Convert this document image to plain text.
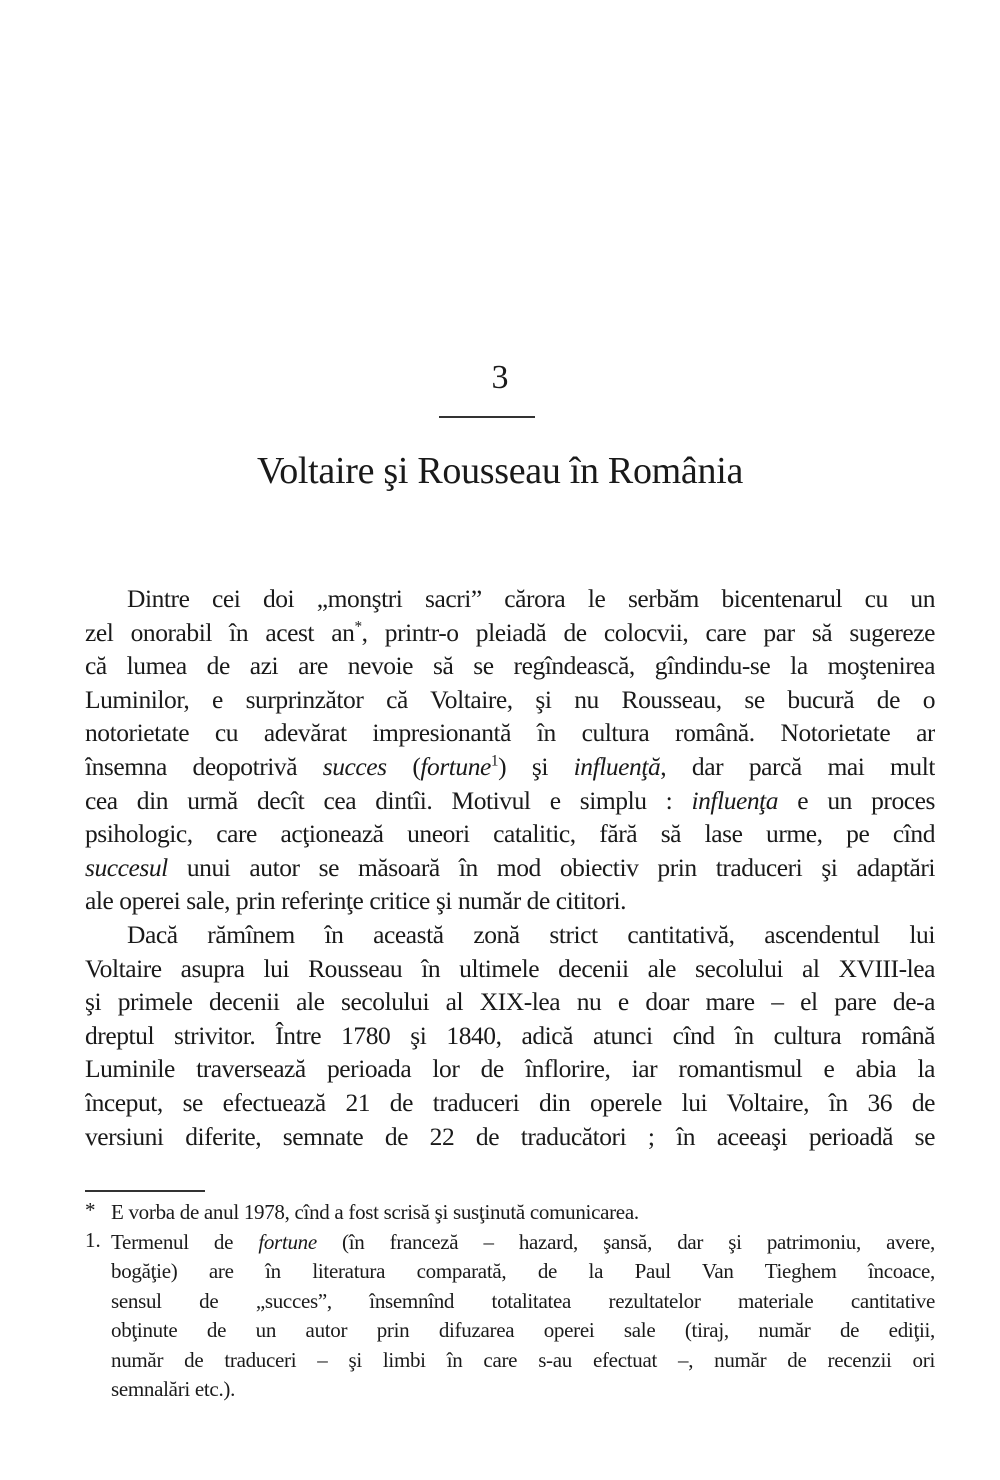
3
Voltaire şi Rousseau în România
Dintre cei doi „monştri sacri” cărora le serbăm bicentenarul cu un
zel onorabil în acest an*, printr-o pleiadă de colocvii, care par să sugereze
că lumea de azi are nevoie să se regîndească, gîndindu-se la moştenirea
Luminilor, e surprinzător că Voltaire, şi nu Rousseau, se bucură de o
notorietate cu adevărat impresionantă în cultura română. Notorietate ar
însemna deopotrivă succes (fortune$^1$) şi influenţă, dar parcă mai mult
cea din urmă decît cea dintîi. Motivul e simplu : influenţa e un proces
psihologic, care acţionează uneori catalitic, fără să lase urme, pe cînd
succesul unui autor se măsoară în mod obiectiv prin traduceri şi adaptări
ale operei sale, prin referinţe critice şi număr de cititori.
Dacă rămînem în această zonă strict cantitativă, ascendentul lui
Voltaire asupra lui Rousseau în ultimele decenii ale secolului al XVIII-lea
şi primele decenii ale secolului al XIX-lea nu e doar mare – el pare de-a
dreptul strivitor. Între 1780 şi 1840, adică atunci cînd în cultura română
Luminile traversează perioada lor de înflorire, iar romantismul e abia la
început, se efectuează 21 de traduceri din operele lui Voltaire, în 36 de
versiuni diferite, semnate de 22 de traducători ; în aceeaşi perioadă se
* E vorba de anul 1978, cînd a fost scrisă şi susţinută comunicarea.
1. Termenul de fortune (în franceză – hazard, şansă, dar şi patrimoniu, avere,
bogăţie) are în literatura comparată, de la Paul Van Tieghem încoace,
sensul de „succes”, însemnînd totalitatea rezultatelor materiale cantitative
obţinute de un autor prin difuzarea operei sale (tiraj, număr de ediţii,
număr de traduceri – şi limbi în care s-au efectuat –, număr de recenzii ori
semnalări etc.).
